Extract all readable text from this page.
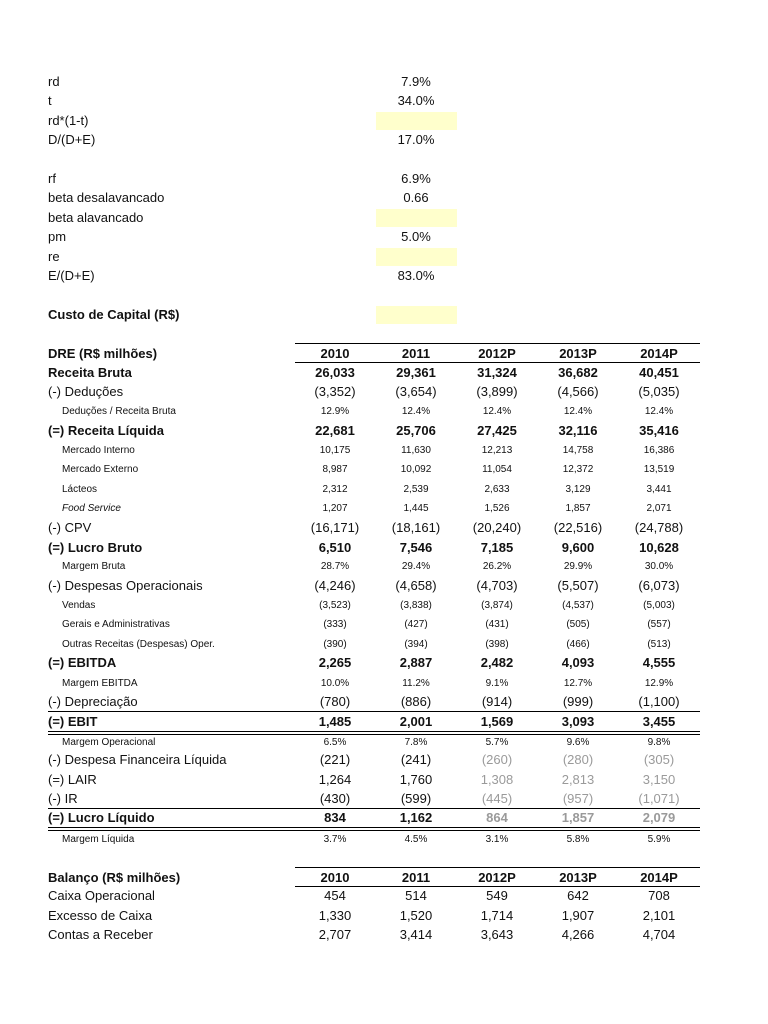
rd	7.9%
t	34.0%
rd*(1-t)
D/(D+E)	17.0%
rf	6.9%
beta desalavancado	0.66
beta alavancado
pm	5.0%
re
E/(D+E)	83.0%
Custo de Capital (R$)
DRE (R$ milhões)	2010	2011	2012P	2013P	2014P
Receita Bruta	26,033	29,361	31,324	36,682	40,451
(-) Deduções	(3,352)	(3,654)	(3,899)	(4,566)	(5,035)
Deduções / Receita Bruta	12.9%	12.4%	12.4%	12.4%	12.4%
(=) Receita Líquida	22,681	25,706	27,425	32,116	35,416
Mercado Interno	10,175	11,630	12,213	14,758	16,386
Mercado Externo	8,987	10,092	11,054	12,372	13,519
Lácteos	2,312	2,539	2,633	3,129	3,441
Food Service	1,207	1,445	1,526	1,857	2,071
(-) CPV	(16,171)	(18,161)	(20,240)	(22,516)	(24,788)
(=) Lucro Bruto	6,510	7,546	7,185	9,600	10,628
Margem Bruta	28.7%	29.4%	26.2%	29.9%	30.0%
(-) Despesas Operacionais	(4,246)	(4,658)	(4,703)	(5,507)	(6,073)
Vendas	(3,523)	(3,838)	(3,874)	(4,537)	(5,003)
Gerais e Administrativas	(333)	(427)	(431)	(505)	(557)
Outras Receitas (Despesas) Oper.	(390)	(394)	(398)	(466)	(513)
(=) EBITDA	2,265	2,887	2,482	4,093	4,555
Margem EBITDA	10.0%	11.2%	9.1%	12.7%	12.9%
(-) Depreciação	(780)	(886)	(914)	(999)	(1,100)
(=) EBIT	1,485	2,001	1,569	3,093	3,455
Margem Operacional	6.5%	7.8%	5.7%	9.6%	9.8%
(-) Despesa Financeira Líquida	(221)	(241)	(260)	(280)	(305)
(=) LAIR	1,264	1,760	1,308	2,813	3,150
(-) IR	(430)	(599)	(445)	(957)	(1,071)
(=) Lucro Líquido	834	1,162	864	1,857	2,079
Margem Líquida	3.7%	4.5%	3.1%	5.8%	5.9%
Balanço (R$ milhões)	2010	2011	2012P	2013P	2014P
Caixa Operacional	454	514	549	642	708
Excesso de Caixa	1,330	1,520	1,714	1,907	2,101
Contas a Receber	2,707	3,414	3,643	4,266	4,704
